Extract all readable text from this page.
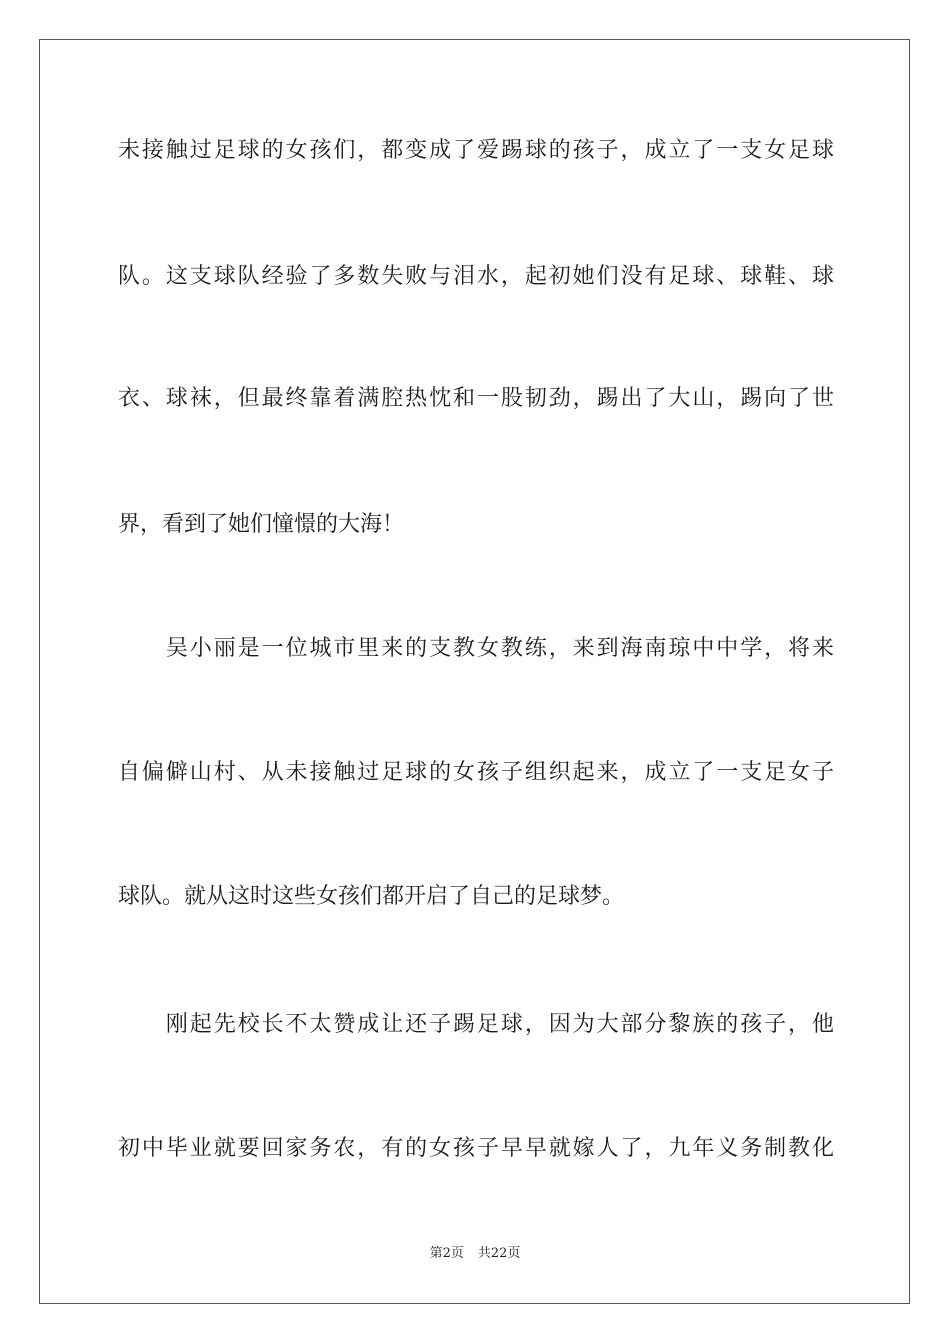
未接触过足球的女孩们，都变成了爱踢球的孩子，成立了一支女足球
队。这支球队经验了多数失败与泪水，起初她们没有足球、球鞋、球
衣、球袜，但最终靠着满腔热忱和一股韧劲，踢出了大山，踢向了世
界，看到了她们憧憬的大海！
　　吴小丽是一位城市里来的支教女教练，来到海南琼中中学，将来
自偏僻山村、从未接触过足球的女孩子组织起来，成立了一支足女子
球队。就从这时这些女孩们都开启了自己的足球梦。
　　刚起先校长不太赞成让还子踢足球，因为大部分黎族的孩子，他
初中毕业就要回家务农，有的女孩子早早就嫁人了，九年义务制教化
第2页 共22页
